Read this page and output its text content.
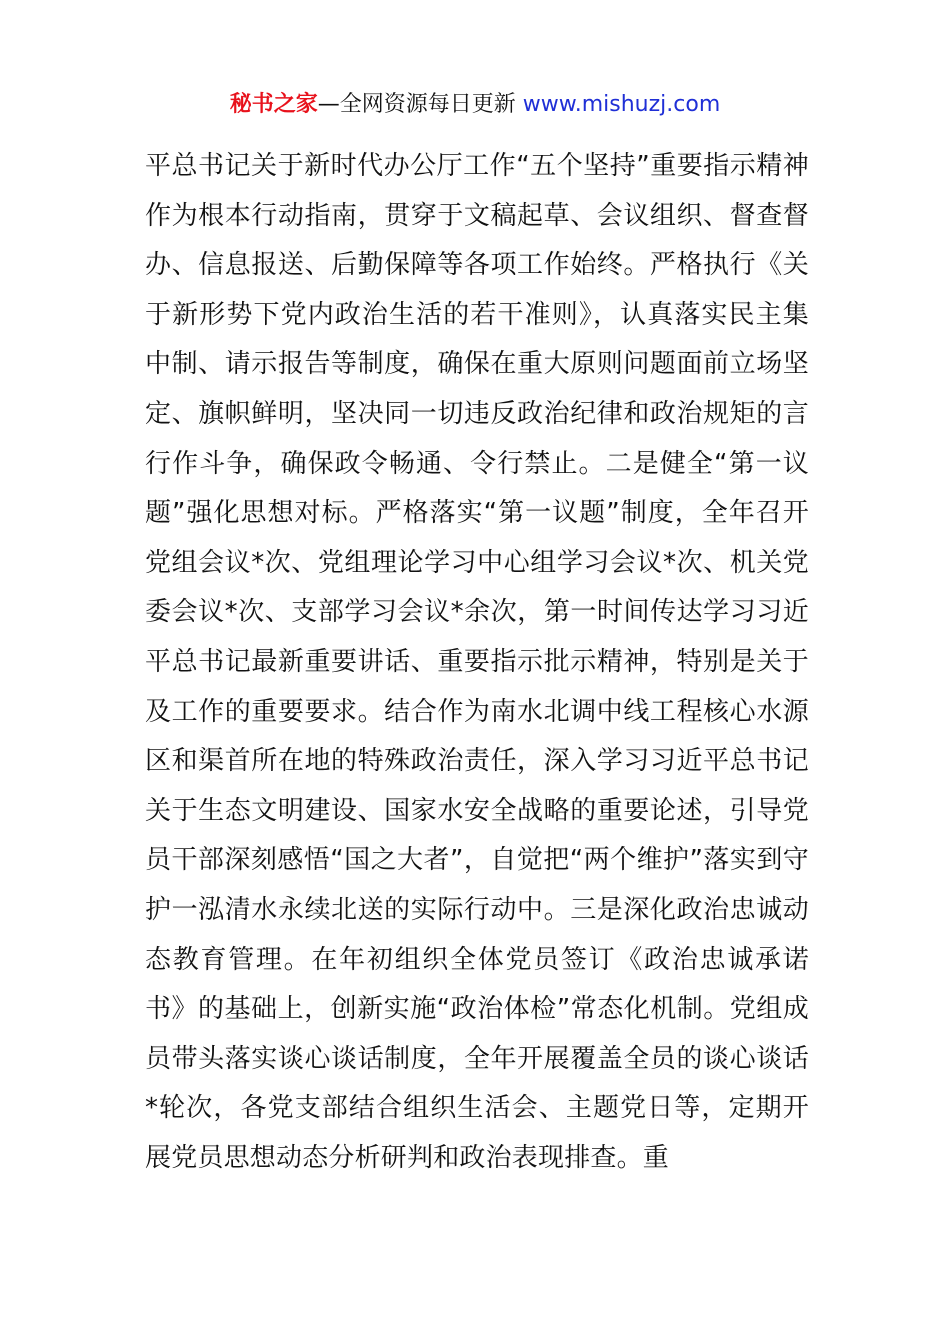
秘书之家—全网资源每日更新 www.mishuzj.com

平总书记关于新时代办公厅工作“五个坚持”重要指示精神作为根本行动指南，贯穿于文稿起草、会议组织、督查督办、信息报送、后勤保障等各项工作始终。严格执行《关于新形势下党内政治生活的若干准则》，认真落实民主集中制、请示报告等制度，确保在重大原则问题面前立场坚定、旗帜鲜明，坚决同一切违反政治纪律和政治规矩的言行作斗争，确保政令畅通、令行禁止。二是健全“第一议题”强化思想对标。严格落实“第一议题”制度，全年召开党组会议*次、党组理论学习中心组学习会议*次、机关党委会议*次、支部学习会议*余次，第一时间传达学习习近平总书记最新重要讲话、重要指示批示精神，特别是关于及工作的重要要求。结合作为南水北调中线工程核心水源区和渠首所在地的特殊政治责任，深入学习习近平总书记关于生态文明建设、国家水安全战略的重要论述，引导党员干部深刻感悟“国之大者”，自觉把“两个维护”落实到守护一泓清水永续北送的实际行动中。三是深化政治忠诚动态教育管理。在年初组织全体党员签订《政治忠诚承诺书》的基础上，创新实施“政治体检”常态化机制。党组成员带头落实谈心谈话制度，全年开展覆盖全员的谈心谈话*轮次，各党支部结合组织生活会、主题党日等，定期开展党员思想动态分析研判和政治表现排查。重
